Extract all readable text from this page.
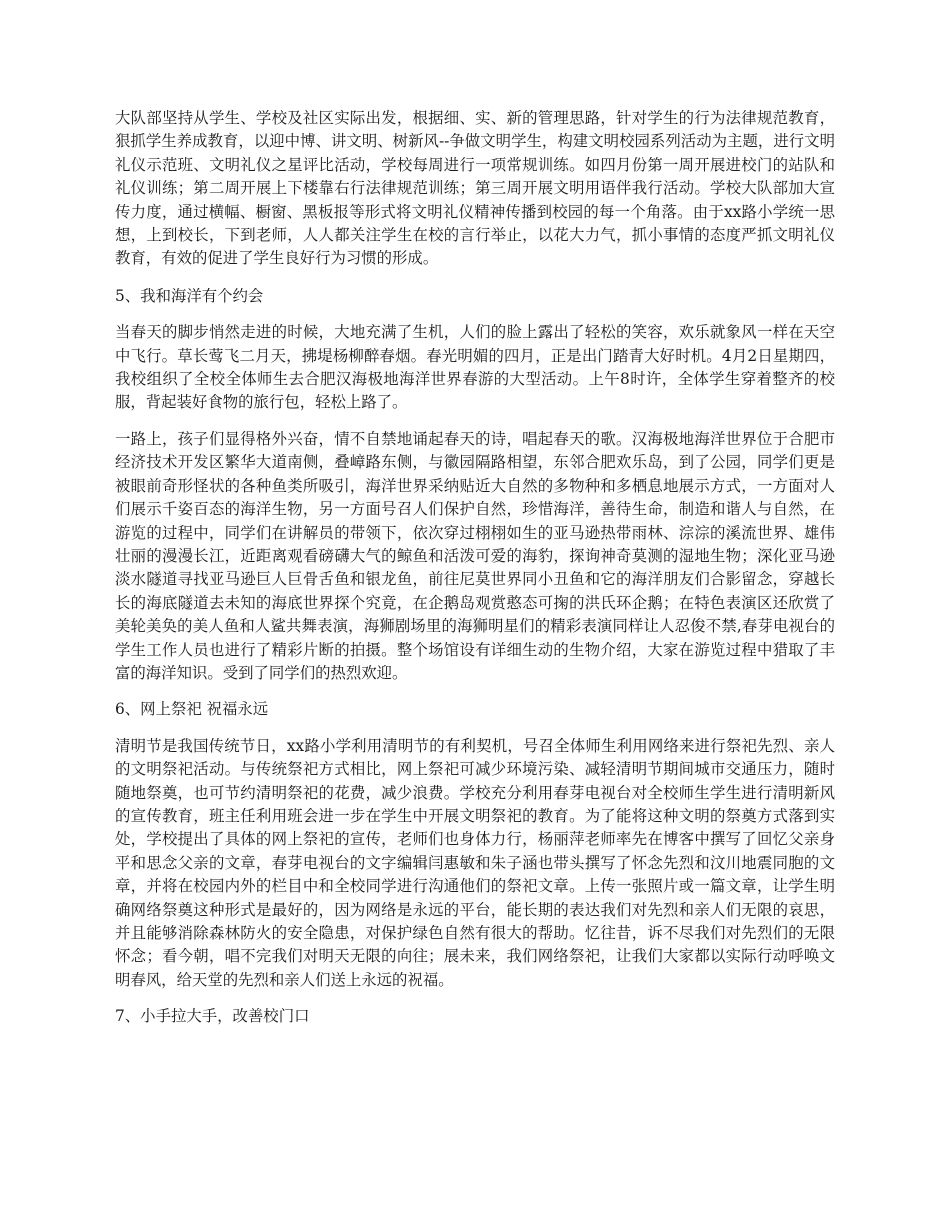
大队部坚持从学生、学校及社区实际出发，根据细、实、新的管理思路，针对学生的行为法律规范教育，狠抓学生养成教育，以迎中博、讲文明、树新风--争做文明学生，构建文明校园系列活动为主题，进行文明礼仪示范班、文明礼仪之星评比活动，学校每周进行一项常规训练。如四月份第一周开展进校门的站队和礼仪训练；第二周开展上下楼靠右行法律规范训练；第三周开展文明用语伴我行活动。学校大队部加大宣传力度，通过横幅、橱窗、黑板报等形式将文明礼仪精神传播到校园的每一个角落。由于xx路小学统一思想，上到校长，下到老师，人人都关注学生在校的言行举止，以花大力气，抓小事情的态度严抓文明礼仪教育，有效的促进了学生良好行为习惯的形成。

5、我和海洋有个约会

当春天的脚步悄然走进的时候，大地充满了生机，人们的脸上露出了轻松的笑容，欢乐就象风一样在天空中飞行。草长莺飞二月天，拂堤杨柳醉春烟。春光明媚的四月，正是出门踏青大好时机。4月2日星期四，我校组织了全校全体师生去合肥汉海极地海洋世界春游的大型活动。上午8时许，全体学生穿着整齐的校服，背起装好食物的旅行包，轻松上路了。

一路上，孩子们显得格外兴奋，情不自禁地诵起春天的诗，唱起春天的歌。汉海极地海洋世界位于合肥市经济技术开发区繁华大道南侧，叠嶂路东侧，与徽园隔路相望，东邻合肥欢乐岛，到了公园，同学们更是被眼前奇形怪状的各种鱼类所吸引，海洋世界采纳贴近大自然的多物种和多栖息地展示方式，一方面对人们展示千姿百态的海洋生物，另一方面号召人们保护自然，珍惜海洋，善待生命，制造和谐人与自然，在游览的过程中，同学们在讲解员的带领下，依次穿过栩栩如生的亚马逊热带雨林、淙淙的溪流世界、雄伟壮丽的漫漫长江，近距离观看磅礴大气的鲸鱼和活泼可爱的海豹，探询神奇莫测的湿地生物；深化亚马逊淡水隧道寻找亚马逊巨人巨骨舌鱼和银龙鱼，前往尼莫世界同小丑鱼和它的海洋朋友们合影留念，穿越长长的海底隧道去未知的海底世界探个究竟，在企鹅岛观赏憨态可掬的洪氏环企鹅；在特色表演区还欣赏了美轮美奂的美人鱼和人鲨共舞表演，海狮剧场里的海狮明星们的精彩表演同样让人忍俊不禁,春芽电视台的学生工作人员也进行了精彩片断的拍摄。整个场馆设有详细生动的生物介绍，大家在游览过程中猎取了丰富的海洋知识。受到了同学们的热烈欢迎。

6、网上祭祀 祝福永远

清明节是我国传统节日，xx路小学利用清明节的有利契机，号召全体师生利用网络来进行祭祀先烈、亲人的文明祭祀活动。与传统祭祀方式相比，网上祭祀可减少环境污染、减轻清明节期间城市交通压力，随时随地祭奠，也可节约清明祭祀的花费，减少浪费。学校充分利用春芽电视台对全校师生学生进行清明新风的宣传教育，班主任利用班会进一步在学生中开展文明祭祀的教育。为了能将这种文明的祭奠方式落到实处，学校提出了具体的网上祭祀的宣传，老师们也身体力行，杨丽萍老师率先在博客中撰写了回忆父亲身平和思念父亲的文章，春芽电视台的文字编辑闫惠敏和朱子涵也带头撰写了怀念先烈和汶川地震同胞的文章，并将在校园内外的栏目中和全校同学进行沟通他们的祭祀文章。上传一张照片或一篇文章，让学生明确网络祭奠这种形式是最好的，因为网络是永远的平台，能长期的表达我们对先烈和亲人们无限的哀思，并且能够消除森林防火的安全隐患，对保护绿色自然有很大的帮助。忆往昔，诉不尽我们对先烈们的无限怀念；看今朝，唱不完我们对明天无限的向往；展未来，我们网络祭祀，让我们大家都以实际行动呼唤文明春风，给天堂的先烈和亲人们送上永远的祝福。

7、小手拉大手，改善校门口
